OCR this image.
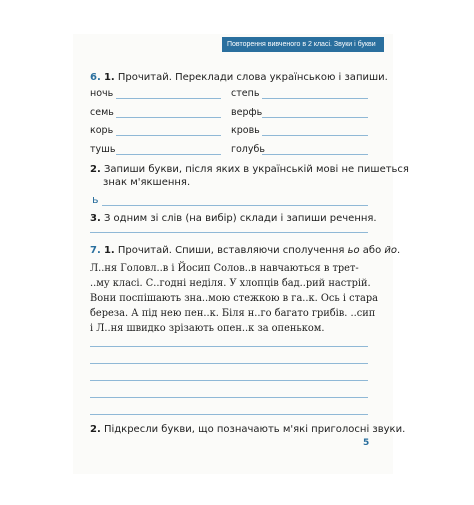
Повторення вивченого в 2 класі. Звуки і букви
6. 1. Прочитай. Переклади слова українською і запиши.
ночь
семь
корь
тушь
степь
верфь
кровь
голубь
2. Запиши букви, після яких в українській мові не пишеться
знак м'якшення.
ь
3. З одним зі слів (на вибір) склади і запиши речення.
7. 1. Прочитай. Спиши, вставляючи сполучення ьо або йо.
Л..ня Головл..в і Йосип Солов..в навчаються в трет-
..му класі. С..годні неділя. У хлопців бад..рий настрій.
Вони поспішають зна..мою стежкою в га..к. Ось і стара
береза. А під нею пен..к. Біля н..го багато грибів. ..сип
і Л..ня швидко зрізають опен..к за опеньком.
2. Підкресли букви, що позначають м'які приголосні звуки.
5
